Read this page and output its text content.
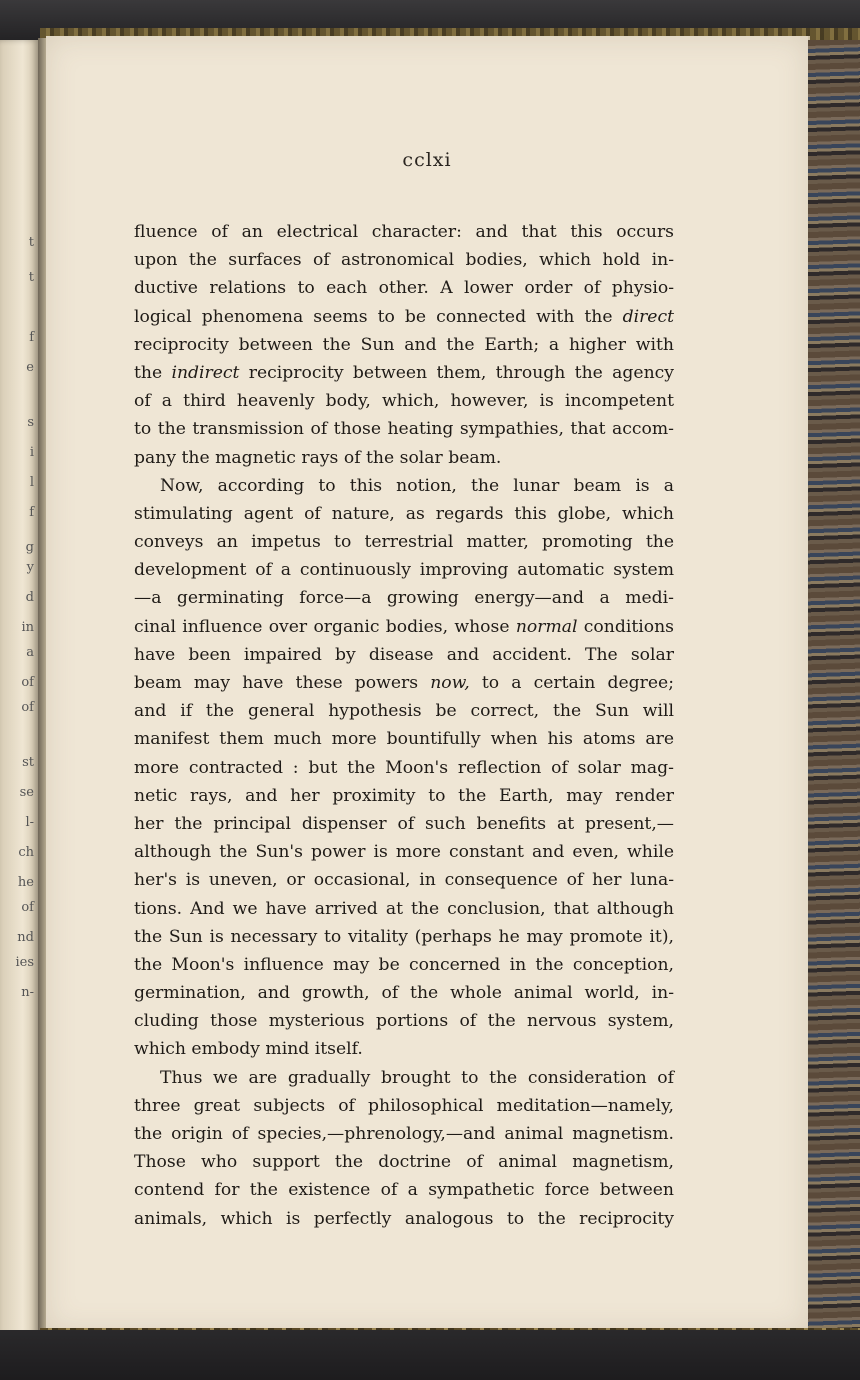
t
t
f
e
s
i
l
f
g
y
d
in
a
of
of
st
se
l-
ch
he
of
nd
ies
n-
cclxi
fluence of an electrical character: and that this occurs
upon the surfaces of astronomical bodies, which hold in-
ductive relations to each other. A lower order of physio-
logical phenomena seems to be connected with the direct
reciprocity between the Sun and the Earth; a higher with
the indirect reciprocity between them, through the agency
of a third heavenly body, which, however, is incompetent
to the transmission of those heating sympathies, that accom-
pany the magnetic rays of the solar beam.
Now, according to this notion, the lunar beam is a
stimulating agent of nature, as regards this globe, which
conveys an impetus to terrestrial matter, promoting the
development of a continuously improving automatic system
—a germinating force—a growing energy—and a medi-
cinal influence over organic bodies, whose normal conditions
have been impaired by disease and accident. The solar
beam may have these powers now, to a certain degree;
and if the general hypothesis be correct, the Sun will
manifest them much more bountifully when his atoms are
more contracted : but the Moon's reflection of solar mag-
netic rays, and her proximity to the Earth, may render
her the principal dispenser of such benefits at present,—
although the Sun's power is more constant and even, while
her's is uneven, or occasional, in consequence of her luna-
tions. And we have arrived at the conclusion, that although
the Sun is necessary to vitality (perhaps he may promote it),
the Moon's influence may be concerned in the conception,
germination, and growth, of the whole animal world, in-
cluding those mysterious portions of the nervous system,
which embody mind itself.
Thus we are gradually brought to the consideration of
three great subjects of philosophical meditation—namely,
the origin of species,—phrenology,—and animal magnetism.
Those who support the doctrine of animal magnetism,
contend for the existence of a sympathetic force between
animals, which is perfectly analogous to the reciprocity
